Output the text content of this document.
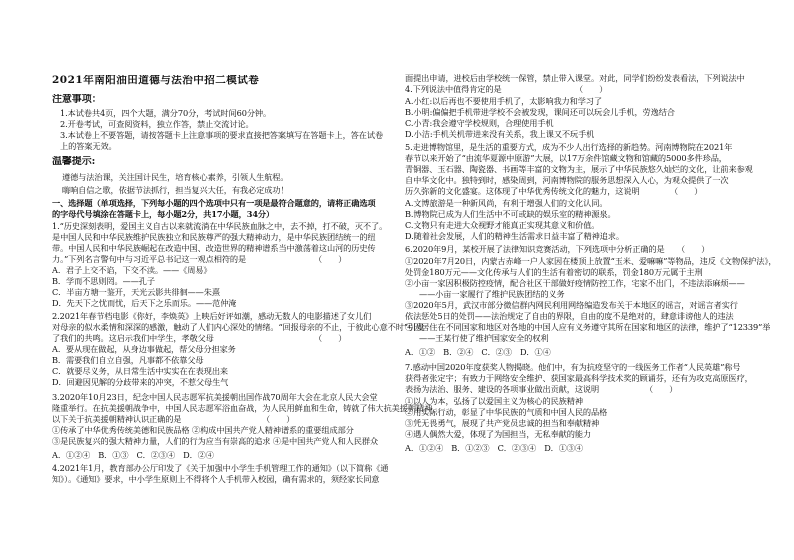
2021年南阳油田道德与法治中招二模试卷
注意事项：
1.本试卷共4页，四个大题，满分70分，考试时间60分钟。
2.开卷考试，可查阅资料，独立作答，禁止交流讨论。
3.本试卷上不要答题，请按答题卡上注意事项的要求直接把答案填写在答题卡上，答在试卷
上的答案无效。
温馨提示:
遵德与法治课，关注国计民生，培育核心素养，引领人生航程。
嗨响自信之歌，依据节法抓行，担当复兴大任，有我必定成功！
一、选择题（单项选择，下列每小题的四个选项中只有一项是最符合题意的，请将正确选项
的字母代号填涂在答题卡上，每小题2分，共17小题，34分）
1.“历史深刻表明，爱国主义自古以来就流淌在中华民族血脉之中，去不掉，打不破，灭不了。
是中国人民和中华民族维护民族独立和民族尊严的强大精神动力，是中华民族团结统一的纽
带。中国人民和中华民族崛起在改造中国、改造世界的精神谱系当中激荡着这山河的历史传
力。”下列名言警句中与习近平总书记这一观点相符的是	（　　）
A．君子上交不谄，下交不渎。——《周易》
B．学而不思则罔。——孔子
C．半亩方塘一鉴开，天光云影共徘徊——朱熹
D．先天下之忧而忧，后天下之乐而乐。——范仲淹
2.2021年春节档电影《你好，李焕英》上映后好评如潮，感动无数人的电影描述了女儿们
对母亲的似水柔情和深深的感激，触动了人们内心深处的情绪。“回报母亲的不止，于彼此心意不时”引发
了我们的共鸣。这启示我们中学生，孝敬父母	（　　）
A．要从现在做起，从身边事做起，帮父母分担家务
B．需要我们自立自强，凡事都不依靠父母
C．就要尽义务，从日常生活中实实在在表现出来
D．回避因见解的分歧带来的冲突，不惹父母生气
3.2020年10月23日，纪念中国人民志愿军抗美援朝出国作战70周年大会在北京人民大会堂
隆重举行。在抗美援朝战争中，中国人民志愿军浴血奋战，为人民用鲜血和生命，铸就了伟大抗美援朝精神，
以下关于抗美援朝精神认识正确的是	（　　）
①传承了中华优秀传统美德和民族品格 ②构成中国共产党人精神谱系的重要组成部分
③是民族复兴的强大精神力量，人们的行为应当有崇高的追求 ④是中国共产党人和人民群众
A．①②④　B．①③　C．②③④　D．②④
4.2021年1月，教育部办公厅印发了《关于加强中小学生手机管理工作的通知》（以下简称《通
知》）。《通知》要求，中小学生原则上不得将个人手机带入校园，确有需求的，须经家长同意
面提出申请，进校后由学校统一保管，禁止带入课堂。对此，同学们纷纷发表看法，下列说法中
4.下列说法中值得肯定的是	（　　）
A.小红:以后再也不要使用手机了，太影响我力和学习了
B.小明:偏偏把手机带进学校不会被发现，课间还可以玩会儿手机，劳逸结合
C.小青:我会遵守学校规则，合理使用手机
D.小洁:手机关机带进来没有关系，我上课又不玩手机
5.走进博物馆里，是生活的重要方式，成为不少人出行选择的新趋势。河南博物院在2021年
春节以来开始了“由流华夏源中原游”大展，以17万余件馆藏文物和馆藏的5000多件珍品，
青铜器、玉石器、陶瓷器、书画等丰富的文物为主，展示了中华民族悠久灿烂的文化，让前来参观
自中华文化中。独特到时，感染周到，河南博物院的服务思想深入人心，为观众提供了一次
历久弥新的文化盛宴。这体现了中华优秀传统文化的魅力，这说明	（　　）
A.文博旅游是一种新风尚，有利于增强人们的文化认同。
B.博物院已成为人们生活中不可或缺的娱乐室的精神源泉。
C.文物只有走进大众视野才能真正实现其意义和价值。
D.随着社会发展，人们的精神生活需求日益丰富了精神追求。
6.2020年9月，某校开展了法律知识竞赛活动，下列选项中分析正确的是 （　　）
①2020年7月20日，内蒙古赤峰一户人家因在楼顶上放置“玉米、爱嘛嘛”等物品，违反《文物保护法》，
处罚金180万元——文化传承与人们的生活有着密切的联系，罚金180万元属于主刑
②小亩一家因积极防控疫情，配合社区干部做好疫情防控工作，宅家不出门，不违法添麻烦——
——小亩一家履行了维护民族团结的义务
③2020年5月，武汉市部分微信群内网民利用网络编造发布关于本地区的谣言，对谣言者实行
依法惩处5日的处罚——法治规定了自由的界限，自由的度不是绝对的，肆意诽谤他人的违法
④因居住在不同国家和地区对各地的中国人应有义务遵守其所在国家和地区的法律，维护了“12339”举
——王某行使了维护国家安全的权利
A．①②　B．②④　C．②③　D．①④
7.感动中国2020年度获奖人物揭晓。他们中，有为抗疫坚守的一线医务工作者“人民英雄”称号
获得者张定宇；有致力于网络安全维护、获国家最高科学技术奖的顾诵芬，还有为攻克高原医疗，
表扬为法治、服务、建设的各项事业做出贡献，这说明	（　　）
①以人为本，弘扬了以爱国主义为核心的民族精神
②用实际行动，彰显了中华民族的气质和中国人民的品格
③凭无畏勇气，展现了共产党员忠诚的担当和奉献精神
④遇人偶然大爱，体现了为国担当，无私奉献的能力
A．①②④　B．①②③　C．②③④　D．①③④
